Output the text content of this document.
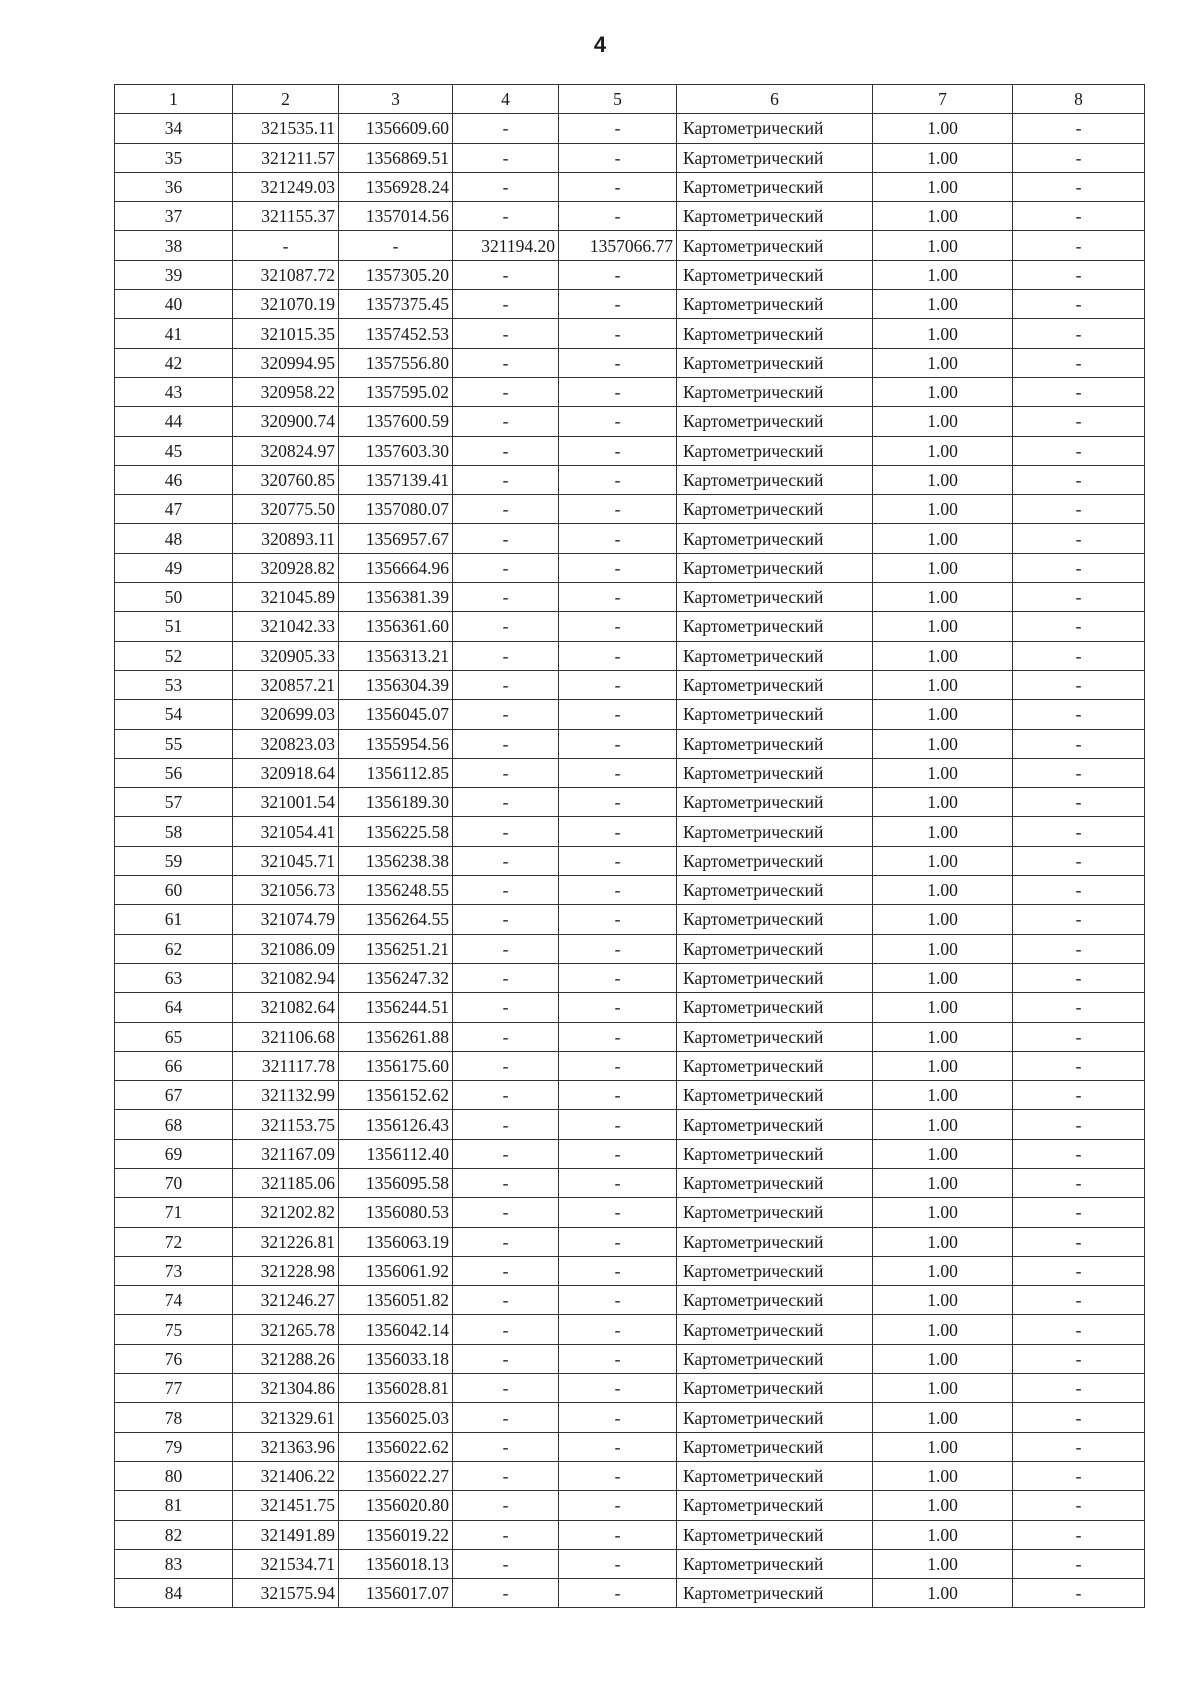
4
1	2	3	4	5	6	7	8
34	321535.11	1356609.60	-	-	Картометрический	1.00	-
35	321211.57	1356869.51	-	-	Картометрический	1.00	-
36	321249.03	1356928.24	-	-	Картометрический	1.00	-
37	321155.37	1357014.56	-	-	Картометрический	1.00	-
38	-	-	321194.20	1357066.77	Картометрический	1.00	-
39	321087.72	1357305.20	-	-	Картометрический	1.00	-
40	321070.19	1357375.45	-	-	Картометрический	1.00	-
41	321015.35	1357452.53	-	-	Картометрический	1.00	-
42	320994.95	1357556.80	-	-	Картометрический	1.00	-
43	320958.22	1357595.02	-	-	Картометрический	1.00	-
44	320900.74	1357600.59	-	-	Картометрический	1.00	-
45	320824.97	1357603.30	-	-	Картометрический	1.00	-
46	320760.85	1357139.41	-	-	Картометрический	1.00	-
47	320775.50	1357080.07	-	-	Картометрический	1.00	-
48	320893.11	1356957.67	-	-	Картометрический	1.00	-
49	320928.82	1356664.96	-	-	Картометрический	1.00	-
50	321045.89	1356381.39	-	-	Картометрический	1.00	-
51	321042.33	1356361.60	-	-	Картометрический	1.00	-
52	320905.33	1356313.21	-	-	Картометрический	1.00	-
53	320857.21	1356304.39	-	-	Картометрический	1.00	-
54	320699.03	1356045.07	-	-	Картометрический	1.00	-
55	320823.03	1355954.56	-	-	Картометрический	1.00	-
56	320918.64	1356112.85	-	-	Картометрический	1.00	-
57	321001.54	1356189.30	-	-	Картометрический	1.00	-
58	321054.41	1356225.58	-	-	Картометрический	1.00	-
59	321045.71	1356238.38	-	-	Картометрический	1.00	-
60	321056.73	1356248.55	-	-	Картометрический	1.00	-
61	321074.79	1356264.55	-	-	Картометрический	1.00	-
62	321086.09	1356251.21	-	-	Картометрический	1.00	-
63	321082.94	1356247.32	-	-	Картометрический	1.00	-
64	321082.64	1356244.51	-	-	Картометрический	1.00	-
65	321106.68	1356261.88	-	-	Картометрический	1.00	-
66	321117.78	1356175.60	-	-	Картометрический	1.00	-
67	321132.99	1356152.62	-	-	Картометрический	1.00	-
68	321153.75	1356126.43	-	-	Картометрический	1.00	-
69	321167.09	1356112.40	-	-	Картометрический	1.00	-
70	321185.06	1356095.58	-	-	Картометрический	1.00	-
71	321202.82	1356080.53	-	-	Картометрический	1.00	-
72	321226.81	1356063.19	-	-	Картометрический	1.00	-
73	321228.98	1356061.92	-	-	Картометрический	1.00	-
74	321246.27	1356051.82	-	-	Картометрический	1.00	-
75	321265.78	1356042.14	-	-	Картометрический	1.00	-
76	321288.26	1356033.18	-	-	Картометрический	1.00	-
77	321304.86	1356028.81	-	-	Картометрический	1.00	-
78	321329.61	1356025.03	-	-	Картометрический	1.00	-
79	321363.96	1356022.62	-	-	Картометрический	1.00	-
80	321406.22	1356022.27	-	-	Картометрический	1.00	-
81	321451.75	1356020.80	-	-	Картометрический	1.00	-
82	321491.89	1356019.22	-	-	Картометрический	1.00	-
83	321534.71	1356018.13	-	-	Картометрический	1.00	-
84	321575.94	1356017.07	-	-	Картометрический	1.00	-
